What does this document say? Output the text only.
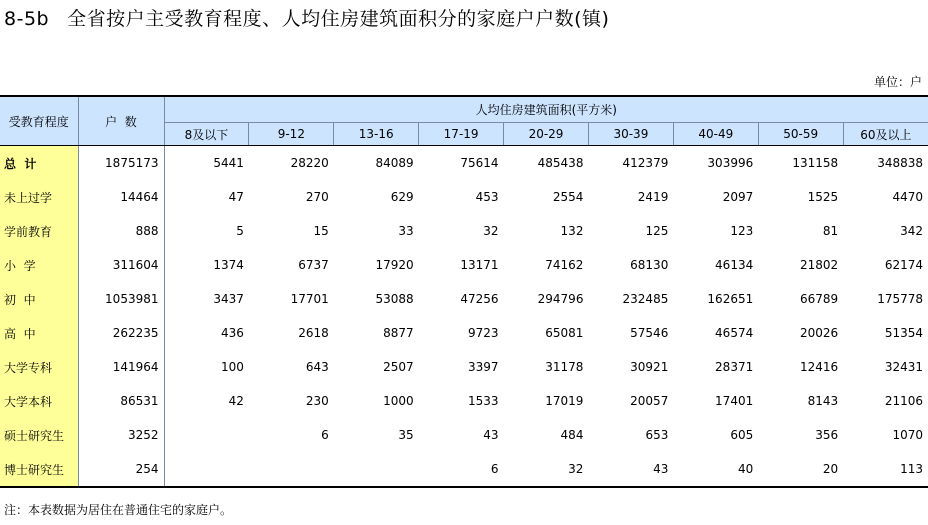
8-5b 全省按户主受教育程度、人均住房建筑面积分的家庭户户数(镇)
单位：户
受教育程度	户  数	人均住房建筑面积(平方米)								
		8及以下	9-12	13-16	17-19	20-29	30-39	40-49	50-59	60及以上
总  计	1875173	5441	28220	84089	75614	485438	412379	303996	131158	348838
未上过学	14464	47	270	629	453	2554	2419	2097	1525	4470
学前教育	888	5	15	33	32	132	125	123	81	342
小  学	311604	1374	6737	17920	13171	74162	68130	46134	21802	62174
初  中	1053981	3437	17701	53088	47256	294796	232485	162651	66789	175778
高  中	262235	436	2618	8877	9723	65081	57546	46574	20026	51354
大学专科	141964	100	643	2507	3397	31178	30921	28371	12416	32431
大学本科	86531	42	230	1000	1533	17019	20057	17401	8143	21106
硕士研究生	3252		6	35	43	484	653	605	356	1070
博士研究生	254				6	32	43	40	20	113
注：本表数据为居住在普通住宅的家庭户。
